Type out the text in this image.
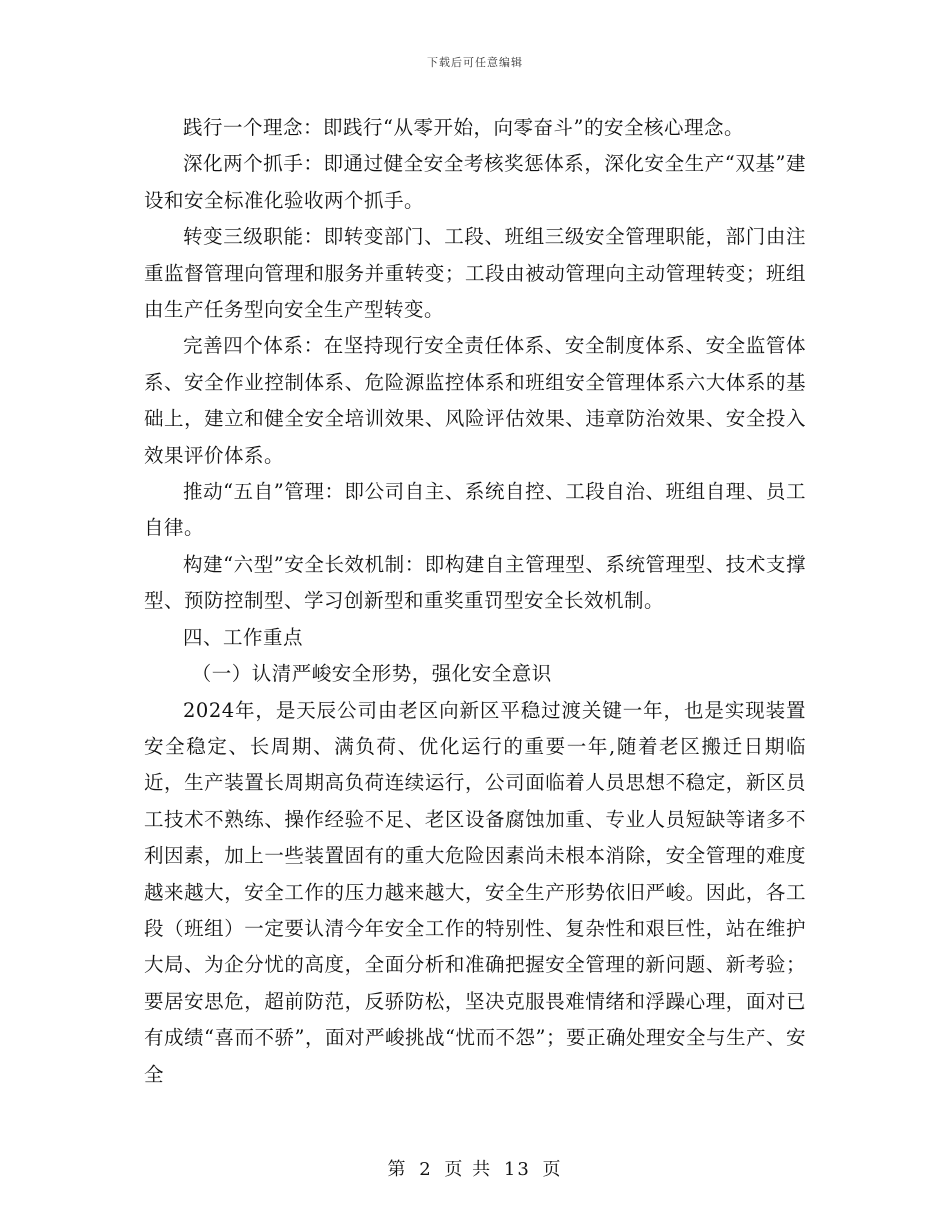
下载后可任意编辑

践行一个理念：即践行“从零开始，向零奋斗”的安全核心理念。

深化两个抓手：即通过健全安全考核奖惩体系，深化安全生产“双基”建设和安全标准化验收两个抓手。

转变三级职能：即转变部门、工段、班组三级安全管理职能，部门由注重监督管理向管理和服务并重转变；工段由被动管理向主动管理转变；班组由生产任务型向安全生产型转变。

完善四个体系：在坚持现行安全责任体系、安全制度体系、安全监管体系、安全作业控制体系、危险源监控体系和班组安全管理体系六大体系的基础上，建立和健全安全培训效果、风险评估效果、违章防治效果、安全投入效果评价体系。

推动“五自”管理：即公司自主、系统自控、工段自治、班组自理、员工自律。

构建“六型”安全长效机制：即构建自主管理型、系统管理型、技术支撑型、预防控制型、学习创新型和重奖重罚型安全长效机制。

四、工作重点

（一）认清严峻安全形势，强化安全意识

2024年，是天辰公司由老区向新区平稳过渡关键一年，也是实现装置安全稳定、长周期、满负荷、优化运行的重要一年,随着老区搬迁日期临近，生产装置长周期高负荷连续运行，公司面临着人员思想不稳定，新区员工技术不熟练、操作经验不足、老区设备腐蚀加重、专业人员短缺等诸多不利因素，加上一些装置固有的重大危险因素尚未根本消除，安全管理的难度越来越大，安全工作的压力越来越大，安全生产形势依旧严峻。因此，各工段（班组）一定要认清今年安全工作的特别性、复杂性和艰巨性，站在维护大局、为企分忧的高度，全面分析和准确把握安全管理的新问题、新考验；要居安思危，超前防范，反骄防松，坚决克服畏难情绪和浮躁心理，面对已有成绩“喜而不骄”，面对严峻挑战“忧而不怨”；要正确处理安全与生产、安全

第 2 页 共 13 页
